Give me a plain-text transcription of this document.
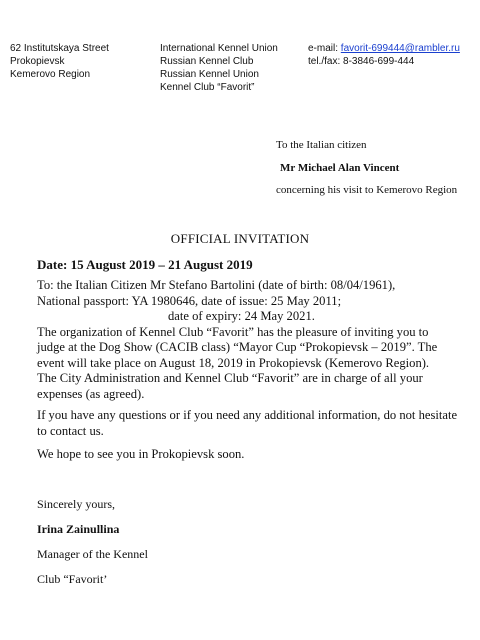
62 Institutskaya Street
Prokopievsk
Kemerovo Region
International Kennel Union
Russian Kennel Club
Russian Kennel Union
Kennel Club “Favorit”
e-mail: favorit-699444@rambler.ru
tel./fax: 8-3846-699-444
To the Italian citizen
Mr Michael Alan Vincent
concerning his visit to Kemerovo Region
OFFICIAL INVITATION
Date: 15 August 2019 – 21 August 2019
To: the Italian Citizen Mr Stefano Bartolini (date of birth: 08/04/1961),
National passport: YA 1980646, date of issue: 25 May 2011;
date of expiry: 24 May 2021.
The organization of Kennel Club “Favorit” has the pleasure of inviting you to
judge at the Dog Show (CACIB class) “Mayor Cup “Prokopievsk – 2019”. The
event will take place on August 18, 2019 in Prokopievsk (Kemerovo Region).
The City Administration and Kennel Club “Favorit” are in charge of all your
expenses (as agreed).
If you have any questions or if you need any additional information, do not hesitate
to contact us.
We hope to see you in Prokopievsk soon.
Sincerely yours,
Irina Zainullina
Manager of the Kennel
Club “Favorit’
